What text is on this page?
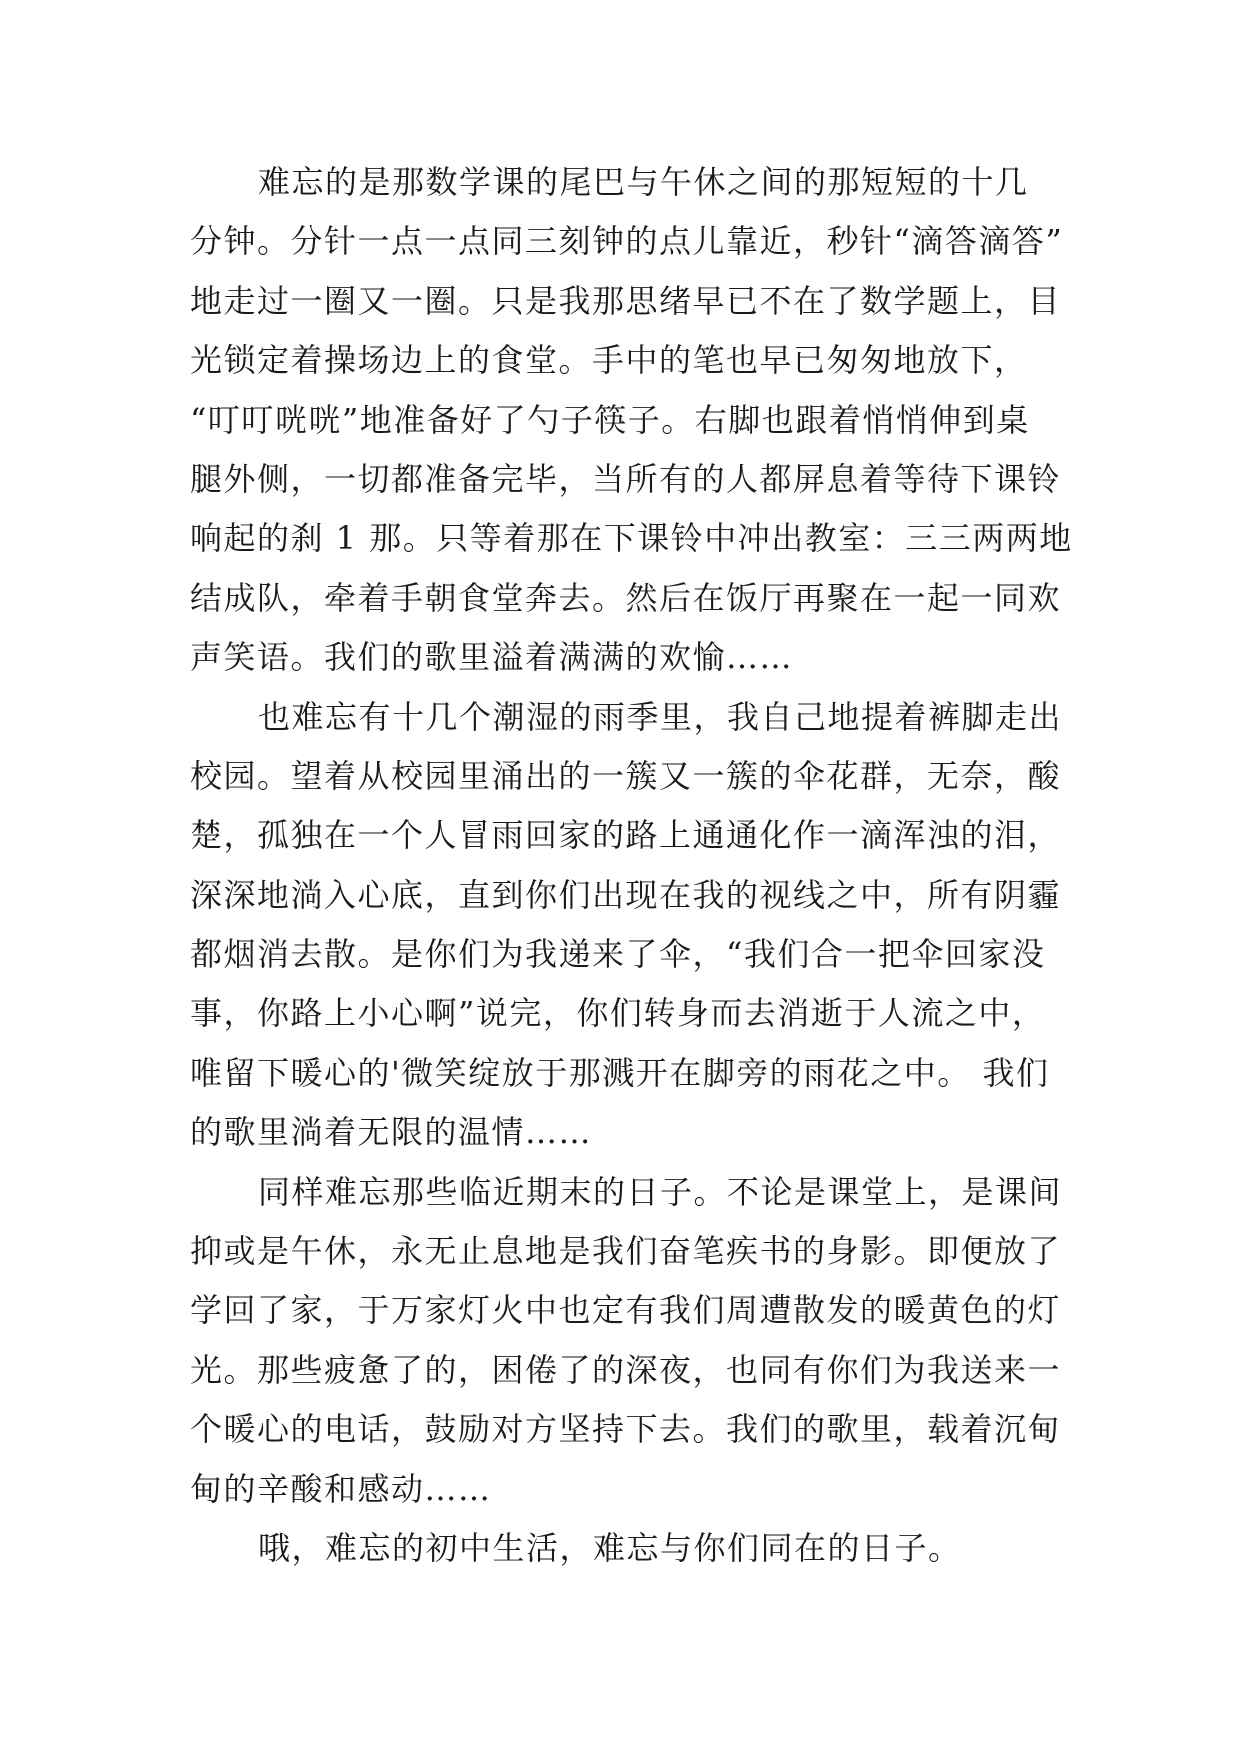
难忘的是那数学课的尾巴与午休之间的那短短的十几
分钟。分针一点一点同三刻钟的点儿靠近，秒针“滴答滴答”
地走过一圈又一圈。只是我那思绪早已不在了数学题上，目
光锁定着操场边上的食堂。手中的笔也早已匆匆地放下，
“叮叮咣咣”地准备好了勺子筷子。右脚也跟着悄悄伸到桌
腿外侧，一切都准备完毕，当所有的人都屏息着等待下课铃
响起的刹 1 那。只等着那在下课铃中冲出教室：三三两两地
结成队，牵着手朝食堂奔去。然后在饭厅再聚在一起一同欢
声笑语。我们的歌里溢着满满的欢愉……
也难忘有十几个潮湿的雨季里，我自己地提着裤脚走出
校园。望着从校园里涌出的一簇又一簇的伞花群，无奈，酸
楚，孤独在一个人冒雨回家的路上通通化作一滴浑浊的泪，
深深地淌入心底，直到你们出现在我的视线之中，所有阴霾
都烟消去散。是你们为我递来了伞，“我们合一把伞回家没
事，你路上小心啊”说完，你们转身而去消逝于人流之中，
唯留下暖心的'微笑绽放于那溅开在脚旁的雨花之中。 我们
的歌里淌着无限的温情……
同样难忘那些临近期末的日子。不论是课堂上，是课间
抑或是午休，永无止息地是我们奋笔疾书的身影。即便放了
学回了家，于万家灯火中也定有我们周遭散发的暖黄色的灯
光。那些疲惫了的，困倦了的深夜，也同有你们为我送来一
个暖心的电话，鼓励对方坚持下去。我们的歌里，载着沉甸
甸的辛酸和感动……
哦，难忘的初中生活，难忘与你们同在的日子。
